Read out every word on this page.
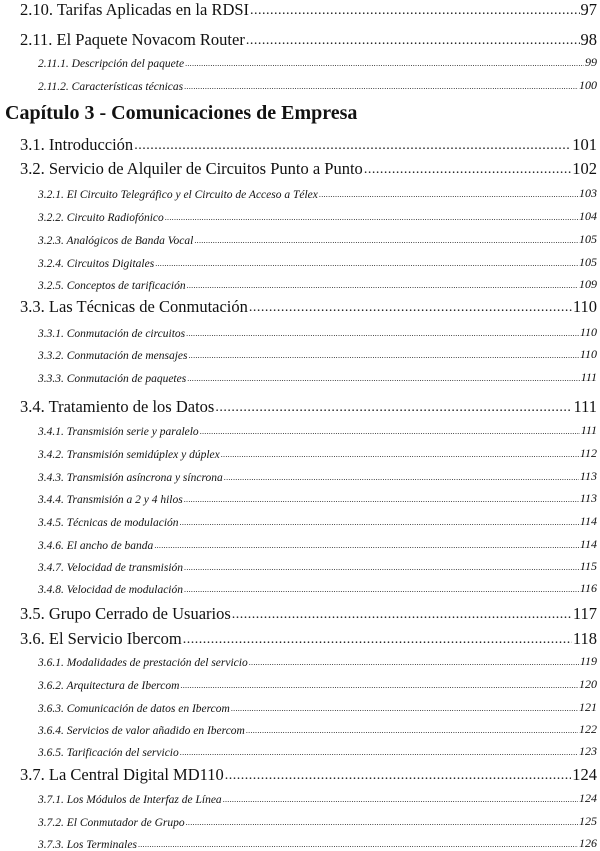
Capítulo 3 - Comunicaciones de Empresa
2.10. Tarifas Aplicadas en la RDSI .....	97
2.11. El Paquete Novacom Router .....	98
2.11.1. Descripción del paquete .....	99
2.11.2. Características técnicas .....	100
3.1. Introducción .....	101
3.2. Servicio de Alquiler de Circuitos Punto a Punto .....	102
3.2.1. El Circuito Telegráfico y el Circuito de Acceso a Télex .....	103
3.2.2. Circuito Radiofónico .....	104
3.2.3. Analógicos de Banda Vocal .....	105
3.2.4. Circuitos Digitales .....	105
3.2.5. Conceptos de tarificación .....	109
3.3. Las Técnicas de Conmutación .....	110
3.3.1. Conmutación de circuitos .....	110
3.3.2. Conmutación de mensajes .....	110
3.3.3. Conmutación de paquetes .....	111
3.4. Tratamiento de los Datos .....	111
3.4.1. Transmisión serie y paralelo .....	111
3.4.2. Transmisión semidúplex y dúplex .....	112
3.4.3. Transmisión asíncrona y síncrona .....	113
3.4.4. Transmisión a 2 y 4 hilos .....	113
3.4.5. Técnicas de modulación .....	114
3.4.6. El ancho de banda .....	114
3.4.7. Velocidad de transmisión .....	115
3.4.8. Velocidad de modulación .....	116
3.5. Grupo Cerrado de Usuarios .....	117
3.6. El Servicio Ibercom .....	118
3.6.1. Modalidades de prestación del servicio .....	119
3.6.2. Arquitectura de Ibercom .....	120
3.6.3. Comunicación de datos en Ibercom .....	121
3.6.4. Servicios de valor añadido en Ibercom .....	122
3.6.5. Tarificación del servicio .....	123
3.7. La Central Digital MD110 .....	124
3.7.1. Los Módulos de Interfaz de Línea .....	124
3.7.2. El Conmutador de Grupo .....	125
3.7.3. Los Terminales .....	126
